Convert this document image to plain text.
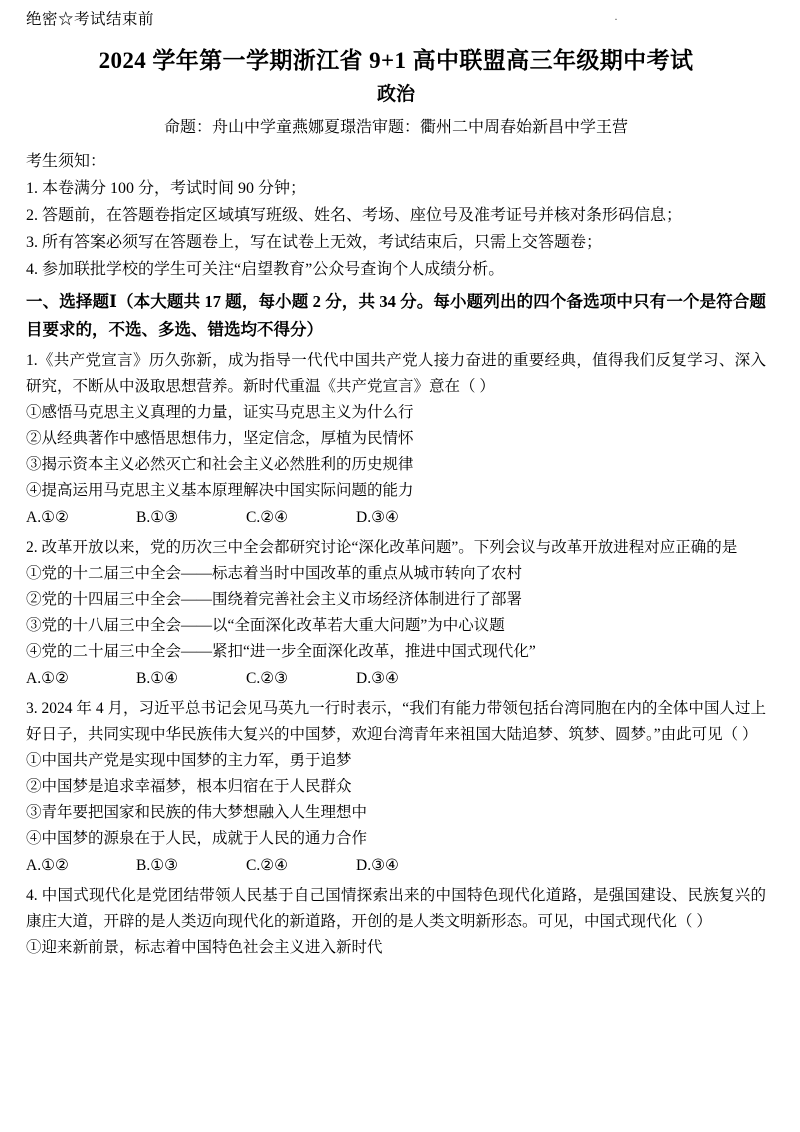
绝密☆考试结束前	·
2024 学年第一学期浙江省 9+1 高中联盟高三年级期中考试
政治
命题：舟山中学童燕娜夏璟浩审题：衢州二中周春始新昌中学王营
考生须知：
1. 本卷满分 100 分，考试时间 90 分钟；
2. 答题前，在答题卷指定区域填写班级、姓名、考场、座位号及准考证号并核对条形码信息；
3. 所有答案必须写在答题卷上，写在试卷上无效，考试结束后，只需上交答题卷；
4. 参加联批学校的学生可关注“启望教育”公众号查询个人成绩分析。
一、选择题Ⅰ（本大题共 17 题，每小题 2 分，共 34 分。每小题列出的四个备选项中只有一个是符合题目要求的，不选、多选、错选均不得分）
1.《共产党宣言》历久弥新，成为指导一代代中国共产党人接力奋进的重要经典，值得我们反复学习、深入研究，不断从中汲取思想营养。新时代重温《共产党宣言》意在（ ）
①感悟马克思主义真理的力量，证实马克思主义为什么行
②从经典著作中感悟思想伟力，坚定信念，厚植为民情怀
③揭示资本主义必然灭亡和社会主义必然胜利的历史规律
④提高运用马克思主义基本原理解决中国实际问题的能力
A.①②	B.①③	C.②④	D.③④
2. 改革开放以来，党的历次三中全会都研究讨论“深化改革问题”。下列会议与改革开放进程对应正确的是
①党的十二届三中全会——标志着当时中国改革的重点从城市转向了农村
②党的十四届三中全会——围绕着完善社会主义市场经济体制进行了部署
③党的十八届三中全会——以“全面深化改革若大重大问题”为中心议题
④党的二十届三中全会——紧扣“进一步全面深化改革，推进中国式现代化”
A.①②	B.①④	C.②③	D.③④
3. 2024 年 4 月，习近平总书记会见马英九一行时表示，“我们有能力带领包括台湾同胞在内的全体中国人过上好日子，共同实现中华民族伟大复兴的中国梦，欢迎台湾青年来祖国大陆追梦、筑梦、圆梦。”由此可见（ ）
①中国共产党是实现中国梦的主力军，勇于追梦
②中国梦是追求幸福梦，根本归宿在于人民群众
③青年要把国家和民族的伟大梦想融入人生理想中
④中国梦的源泉在于人民，成就于人民的通力合作
A.①②	B.①③	C.②④	D.③④
4. 中国式现代化是党团结带领人民基于自己国情探索出来的中国特色现代化道路，是强国建设、民族复兴的康庄大道，开辟的是人类迈向现代化的新道路，开创的是人类文明新形态。可见，中国式现代化（ ）
①迎来新前景，标志着中国特色社会主义进入新时代
